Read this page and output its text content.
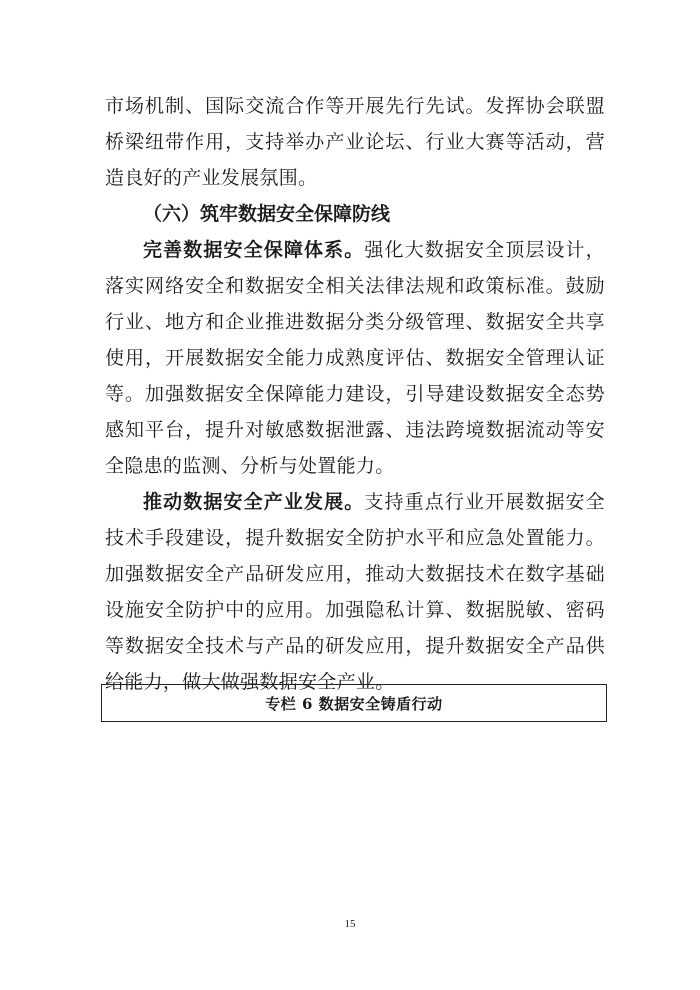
市场机制、国际交流合作等开展先行先试。发挥协会联盟桥梁纽带作用，支持举办产业论坛、行业大赛等活动，营造良好的产业发展氛围。

（六）筑牢数据安全保障防线

完善数据安全保障体系。强化大数据安全顶层设计，落实网络安全和数据安全相关法律法规和政策标准。鼓励行业、地方和企业推进数据分类分级管理、数据安全共享使用，开展数据安全能力成熟度评估、数据安全管理认证等。加强数据安全保障能力建设，引导建设数据安全态势感知平台，提升对敏感数据泄露、违法跨境数据流动等安全隐患的监测、分析与处置能力。

推动数据安全产业发展。支持重点行业开展数据安全技术手段建设，提升数据安全防护水平和应急处置能力。加强数据安全产品研发应用，推动大数据技术在数字基础设施安全防护中的应用。加强隐私计算、数据脱敏、密码等数据安全技术与产品的研发应用，提升数据安全产品供给能力，做大做强数据安全产业。

专栏 6 数据安全铸盾行动
15
